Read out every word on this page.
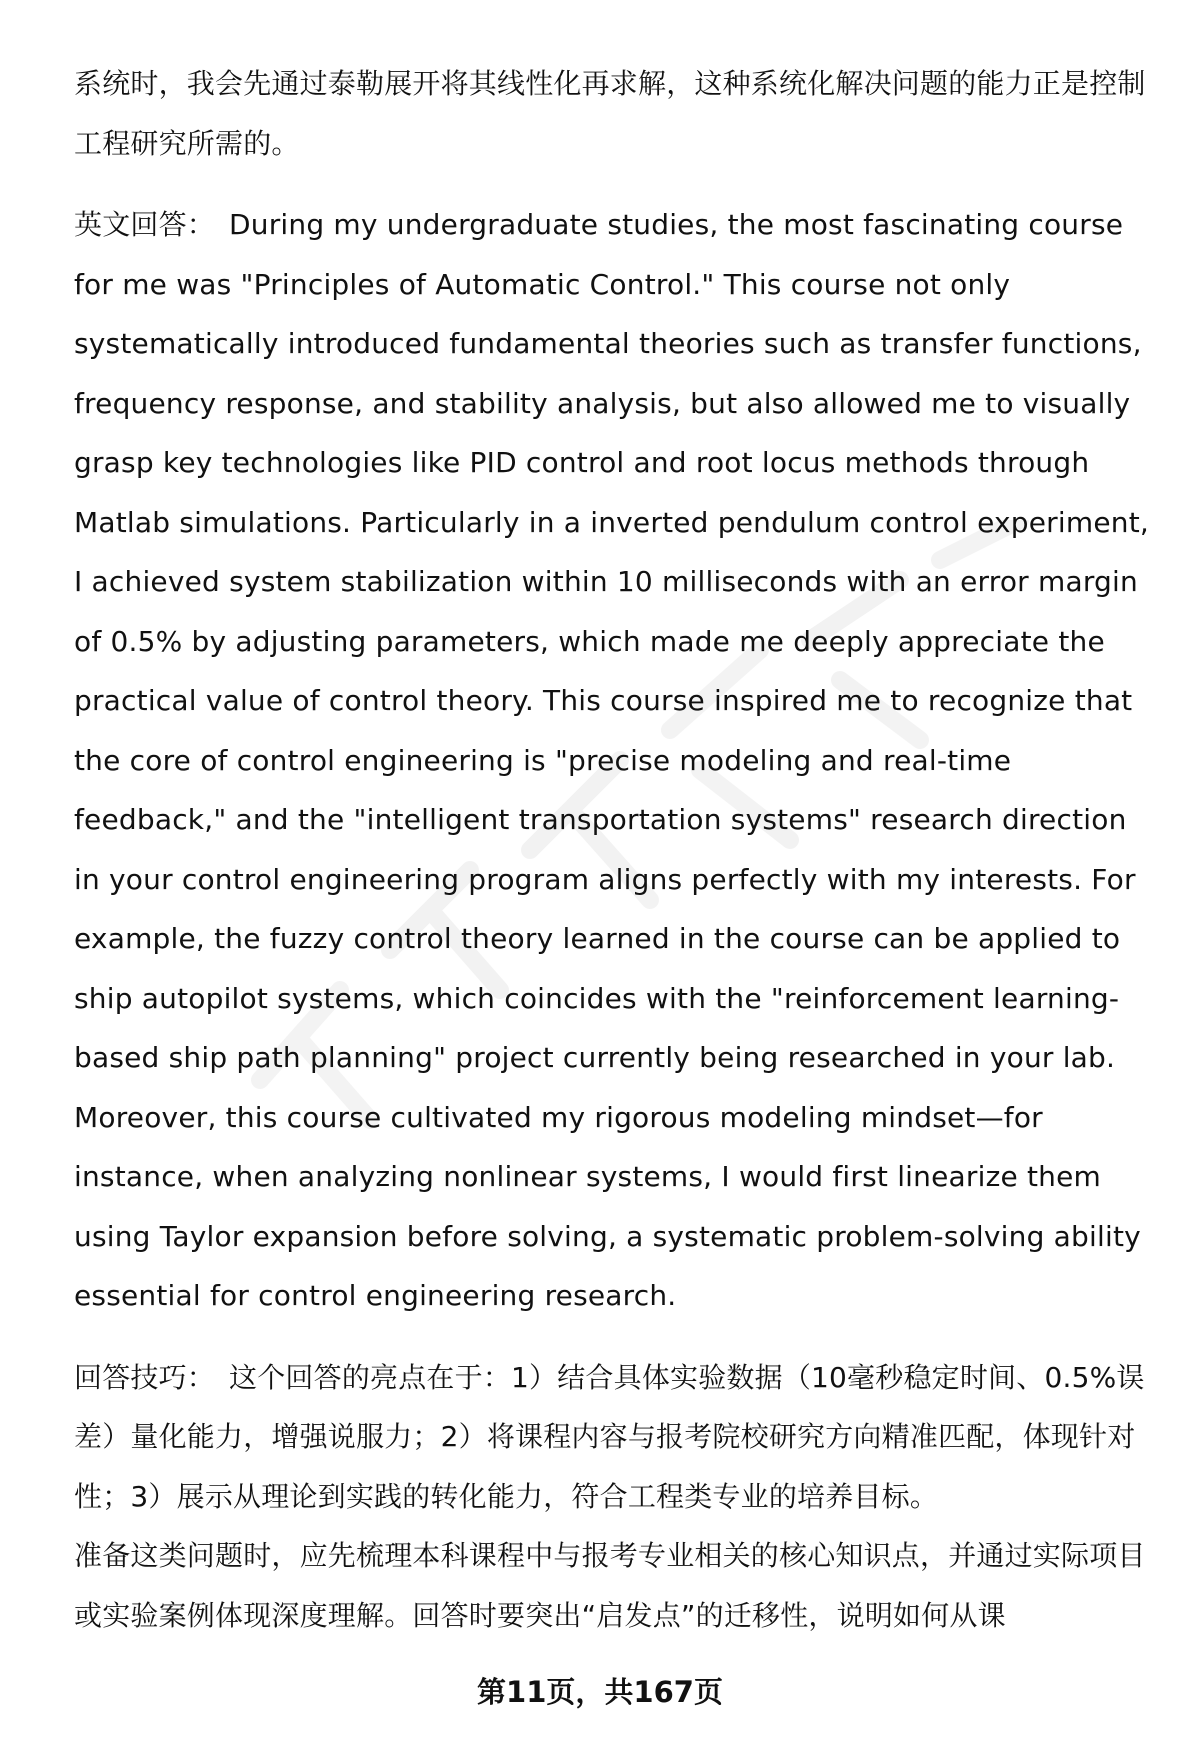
系统时，我会先通过泰勒展开将其线性化再求解，这种系统化解决问题的能力正是控制工程研究所需的。

英文回答： During my undergraduate studies, the most fascinating course for me was "Principles of Automatic Control." This course not only systematically introduced fundamental theories such as transfer functions, frequency response, and stability analysis, but also allowed me to visually grasp key technologies like PID control and root locus methods through Matlab simulations. Particularly in a inverted pendulum control experiment, I achieved system stabilization within 10 milliseconds with an error margin of 0.5% by adjusting parameters, which made me deeply appreciate the practical value of control theory. This course inspired me to recognize that the core of control engineering is "precise modeling and real-time feedback," and the "intelligent transportation systems" research direction in your control engineering program aligns perfectly with my interests. For example, the fuzzy control theory learned in the course can be applied to ship autopilot systems, which coincides with the "reinforcement learning-based ship path planning" project currently being researched in your lab. Moreover, this course cultivated my rigorous modeling mindset—for instance, when analyzing nonlinear systems, I would first linearize them using Taylor expansion before solving, a systematic problem-solving ability essential for control engineering research.

回答技巧： 这个回答的亮点在于：1）结合具体实验数据（10毫秒稳定时间、0.5%误差）量化能力，增强说服力；2）将课程内容与报考院校研究方向精准匹配，体现针对性；3）展示从理论到实践的转化能力，符合工程类专业的培养目标。

准备这类问题时，应先梳理本科课程中与报考专业相关的核心知识点，并通过实际项目或实验案例体现深度理解。回答时要突出“启发点”的迁移性，说明如何从课

第11页，共167页
